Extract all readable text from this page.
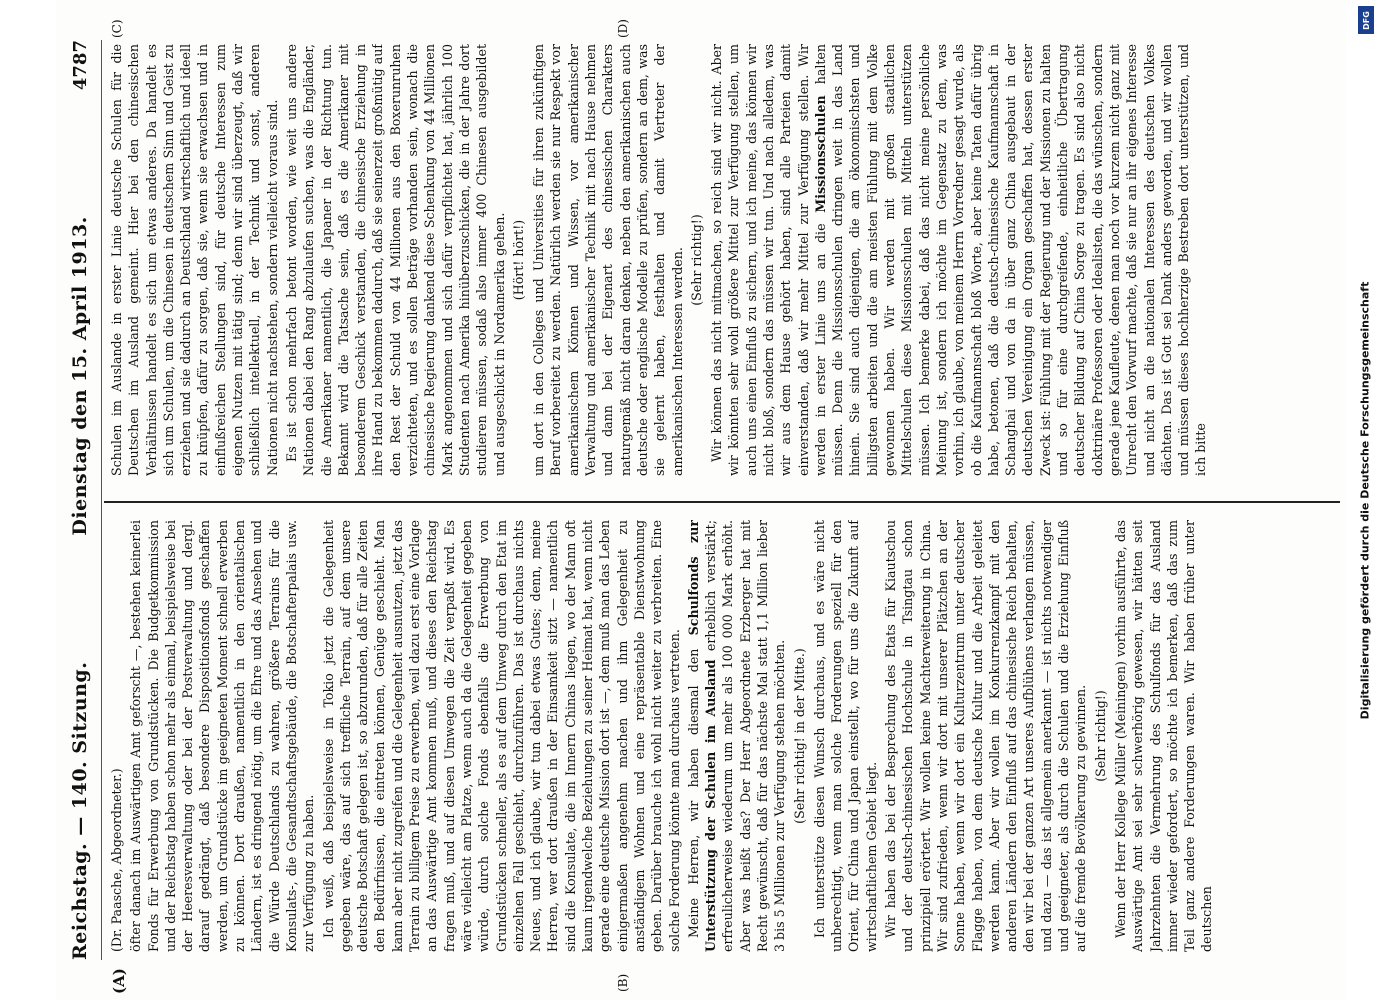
Reichstag. — 140. Sitzung.
Dienstag den 15. April 1913.
4787
(A)	(B)
(C)	(D)

(Dr. Paasche, Abgeordneter.) öfter danach im Auswärtigen Amt geforscht —, bestehen keinerlei Fonds für Erwerbung von Grundstücken. Die Budgetkommission und der Reichstag haben schon mehr als einmal, beispielsweise bei der Heeresverwaltung oder bei der Postverwaltung und dergl. darauf gedrängt, daß besondere Dispositionsfonds geschaffen werden, um Grundstücke im geeigneten Moment schnell erwerben zu können. Dort draußen, namentlich in den orientalischen Ländern, ist es dringend nötig, um die Ehre und das Ansehen und die Würde Deutschlands zu wahren, größere Terrains für die Konsulats-, die Gesandtschaftsgebäude, die Botschafterpalais usw. zur Verfügung zu haben. Ich weiß, daß beispielsweise in Tokio jetzt die Gelegenheit gegeben wäre, das auf sich treffliche Terrain, auf dem unsere deutsche Botschaft gelegen ist, so abzurunden, daß für alle Zeiten den Bedürfnissen, die eintreten können, Genüge geschieht. Man kann aber nicht zugreifen und die Gelegenheit ausnutzen, jetzt das Terrain zu billigem Preise zu erwerben, weil dazu erst eine Vorlage an das Auswärtige Amt kommen muß, und dieses den Reichstag fragen muß, und auf diesen Umwegen die Zeit verpaßt wird. Es wäre vielleicht am Platze, wenn auch da die Gelegenheit gegeben würde, durch solche Fonds ebenfalls die Erwerbung von Grundstücken schneller, als es auf dem Umweg durch den Etat im einzelnen Fall geschieht, durchzuführen. Das ist durchaus nichts Neues, und ich glaube, wir tun dabei etwas Gutes; denn, meine Herren, wer dort draußen in der Einsamkeit sitzt — namentlich sind die Konsulate, die im Innern Chinas liegen, wo der Mann oft kaum irgendwelche Beziehungen zu seiner Heimat hat, wenn nicht gerade eine deutsche Mission dort ist —, dem muß man das Leben einigermaßen angenehm machen und ihm Gelegenheit zu anständigem Wohnen und eine repräsentable Dienstwohnung geben. Darüber brauche ich wohl nicht weiter zu verbreiten. Eine solche Forderung könnte man durchaus vertreten. Meine Herren, wir haben diesmal den Schulfonds zur Unterstützung der Schulen im Ausland erheblich verstärkt; erfreulicherweise wiederum um mehr als 100 000 Mark erhöht. Aber was heißt das? Der Herr Abgeordnete Erzberger hat mit Recht gewünscht, daß für das nächste Mal statt 1,1 Million lieber 3 bis 5 Millionen zur Verfügung stehen möchten. (Sehr richtig! in der Mitte.) Ich unterstütze diesen Wunsch durchaus, und es wäre nicht unberechtigt, wenn man solche Forderungen speziell für den Orient, für China und Japan einstellt, wo für uns die Zukunft auf wirtschaftlichem Gebiet liegt. Wir haben das bei der Besprechung des Etats für Kiautschou und der deutsch-chinesischen Hochschule in Tsingtau schon prinzipiell erörtert. Wir wollen keine Machterweiterung in China. Wir sind zufrieden, wenn wir dort mit unserer Plätzchen an der Sonne haben, wenn wir dort ein Kulturzentrum unter deutscher Flagge haben, von dem deutsche Kultur und die Arbeit geleitet werden kann. Aber wir wollen im Konkurrenzkampf mit den anderen Ländern den Einfluß auf das chinesische Reich behalten, den wir bei der ganzen Art unseres Aufblühens verlangen müssen, und dazu — das ist allgemein anerkannt — ist nichts notwendiger und geeigneter, als durch die Schulen und die Erziehung Einfluß auf die fremde Bevölkerung zu gewinnen. (Sehr richtig!) Wenn der Herr Kollege Müller (Meiningen) vorhin ausführte, das Auswärtige Amt sei sehr schwerhörig gewesen, wir hätten seit Jahrzehnten die Vermehrung des Schulfonds für das Ausland immer wieder gefordert, so möchte ich bemerken, daß das zum Teil ganz andere Forderungen waren. Wir haben früher unter deutschen

Schulen im Auslande in erster Linie deutsche Schulen für die Deutschen im Ausland gemeint. Hier bei den chinesischen Verhältnissen handelt es sich um etwas anderes. Da handelt es sich um Schulen, um die Chinesen in deutschem Sinn und Geist zu erziehen und sie dadurch an Deutschland wirtschaftlich und ideell zu knüpfen, dafür zu sorgen, daß sie, wenn sie erwachsen und in einflußreichen Stellungen sind, für deutsche Interessen zum eigenen Nutzen mit tätig sind; denn wir sind überzeugt, daß wir schließlich intellektuell, in der Technik und sonst, anderen Nationen nicht nachstehen, sondern vielleicht voraus sind. Es ist schon mehrfach betont worden, wie weit uns andere Nationen dabei den Rang abzulaufen suchen, was die Engländer, die Amerikaner namentlich, die Japaner in der Richtung tun. Bekannt wird die Tatsache sein, daß es die Amerikaner mit besonderem Geschick verstanden, die chinesische Erziehung in ihre Hand zu bekommen dadurch, daß sie seinerzeit großmütig auf den Rest der Schuld von 44 Millionen aus den Boxerunruhen verzichteten, und es sollen Beträge vorhanden sein, wonach die chinesische Regierung dankend diese Schenkung von 44 Millionen Mark angenommen und sich dafür verpflichtet hat, jährlich 100 Studenten nach Amerika hinüberzuschicken, die in der Jahre dort studieren müssen, sodaß also immer 400 Chinesen ausgebildet und ausgeschickt in Nordamerika gehen. (Hört! hört!) um dort in den Colleges und Universities für ihren zukünftigen Beruf vorbereitet zu werden. Natürlich werden sie nur Respekt vor amerikanischem Können und Wissen, vor amerikanischer Verwaltung und amerikanischer Technik mit nach Hause nehmen und dann bei der Eigenart des chinesischen Charakters naturgemäß nicht daran denken, neben den amerikanischen auch deutsche oder englische Modelle zu prüfen, sondern an dem, was sie gelernt haben, festhalten und damit Vertreter der amerikanischen Interessen werden. (Sehr richtig!) Wir können das nicht mitmachen, so reich sind wir nicht. Aber wir könnten sehr wohl größere Mittel zur Verfügung stellen, um auch uns einen Einfluß zu sichern, und ich meine, das können wir nicht bloß, sondern das müssen wir tun. Und nach alledem, was wir aus dem Hause gehört haben, sind alle Parteien damit einverstanden, daß wir mehr Mittel zur Verfügung stellen. Wir werden in erster Linie uns an die Missionsschulen halten müssen. Denn die Missionsschulen dringen weit in das Land hinein. Sie sind auch diejenigen, die am ökonomischsten und billigsten arbeiten und die am meisten Fühlung mit dem Volke gewonnen haben. Wir werden mit großen staatlichen Mittelschulen diese Missionsschulen mit Mitteln unterstützen müssen. Ich bemerke dabei, daß das nicht meine persönliche Meinung ist, sondern ich möchte im Gegensatz zu dem, was vorhin, ich glaube, von meinem Herrn Vorredner gesagt wurde, als ob die Kaufmannschaft bloß Worte, aber keine Taten dafür übrig habe, betonen, daß die deutsch-chinesische Kaufmannschaft in Schanghai und von da in über ganz China ausgebaut in der deutschen Vereinigung ein Organ geschaffen hat, dessen erster Zweck ist: Fühlung mit der Regierung und der Missionen zu halten und so für eine durchgreifende, einheitliche Übertragung deutscher Bildung auf China Sorge zu tragen. Es sind also nicht doktrinäre Professoren oder Idealisten, die das wünschen, sondern gerade jene Kaufleute, denen man noch vor kurzem nicht ganz mit Unrecht den Vorwurf machte, daß sie nur an ihr eigenes Interesse und nicht an die nationalen Interessen des deutschen Volkes dächten. Das ist Gott sei Dank anders geworden, und wir wollen und müssen dieses hochherzige Bestreben dort unterstützen, und ich bitte

DFG
Digitalisierung gefördert durch die Deutsche Forschungsgemeinschaft
